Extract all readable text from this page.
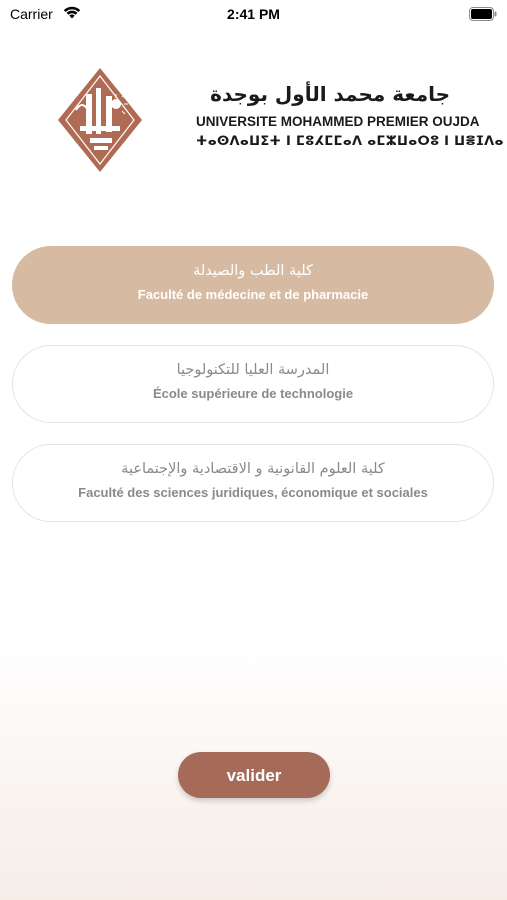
Carrier	2:41 PM
جامعة محمد الأول بوجدة
UNIVERSITE MOHAMMED PREMIER OUJDA
ⵜⴰⵙⴷⴰⵡⵉⵜ ⵏ ⵎⵓⵃⵎⵎⴰⴷ ⴰⵎⵣⵡⴰⵔⵓ ⵏ ⵡⴻⵊⴷⴰ
كلية الطب والصيدلة
Faculté de médecine et de pharmacie
المدرسة العليا للتكنولوجيا
École supérieure de technologie
كلية العلوم القانونية و الاقتصادية والإجتماعية
Faculté des sciences juridiques, économique et sociales
valider
